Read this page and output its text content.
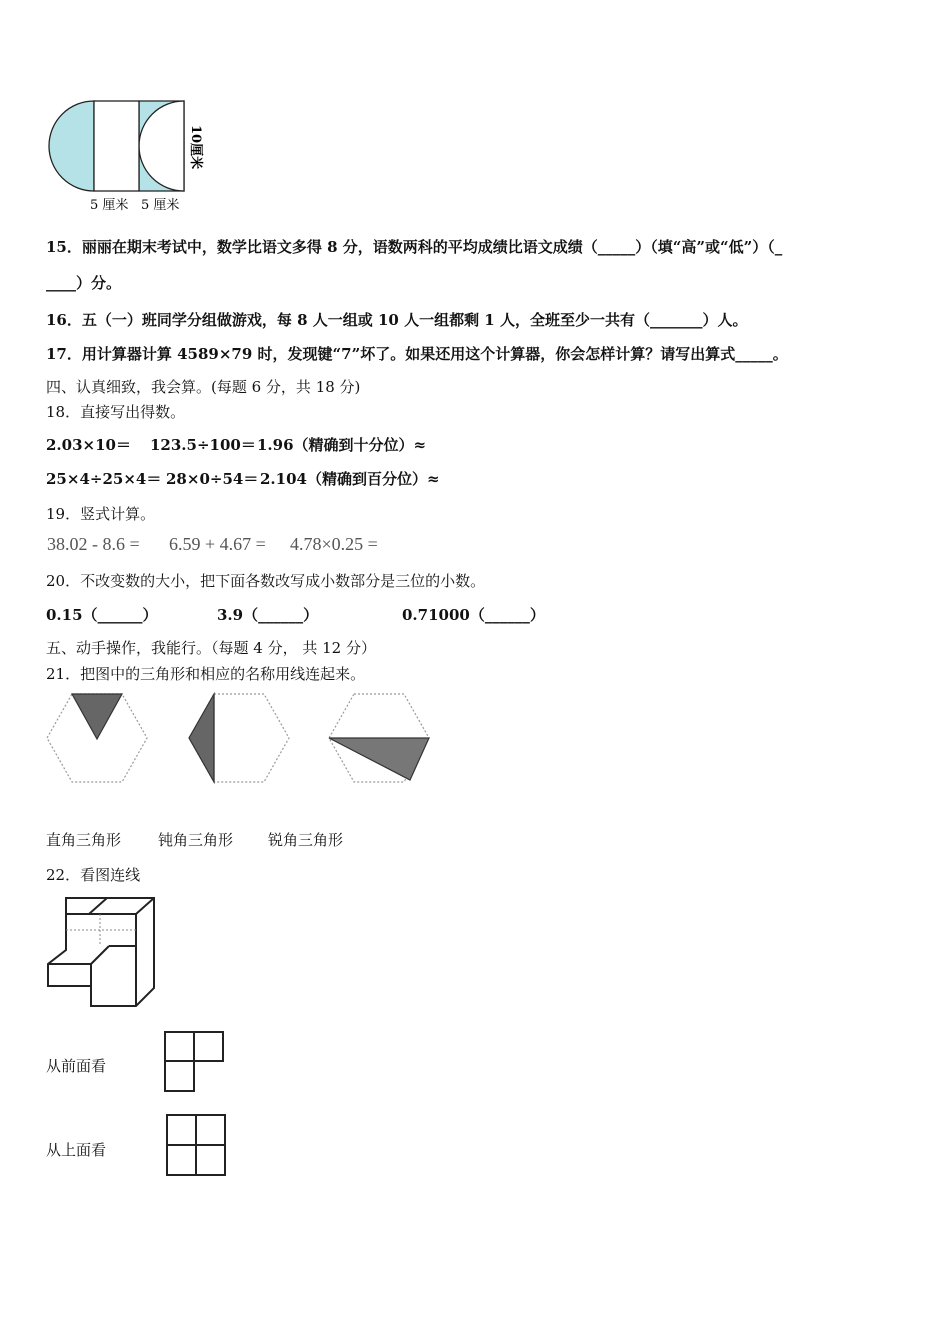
5 厘米 5 厘米
10厘米
15．丽丽在期末考试中，数学比语文多得 8 分，语数两科的平均成绩比语文成绩（_____）（填“高”或“低”）（_
____）分。
16．五（一）班同学分组做游戏，每 8 人一组或 10 人一组都剩 1 人，全班至少一共有（_______）人。
17．用计算器计算 4589×79 时，发现键“7”坏了。如果还用这个计算器，你会怎样计算？请写出算式_____。
四、认真细致，我会算。(每题 6 分，共 18 分)
18．直接写出得数。
2.03×10＝ 123.5÷100＝ 1.96（精确到十分位）≈
25×4÷25×4＝ 28×0÷54＝ 2.104（精确到百分位）≈
19．竖式计算。
38.02 - 8.6 = 6.59 + 4.67 = 4.78×0.25 =
20．不改变数的大小，把下面各数改写成小数部分是三位的小数。
0.15（______）	3.9（______）	0.71000（______）
五、动手操作，我能行。（每题 4 分， 共 12 分）
21．把图中的三角形和相应的名称用线连起来。
直角三角形 钝角三角形 锐角三角形
22．看图连线
从前面看
从上面看
